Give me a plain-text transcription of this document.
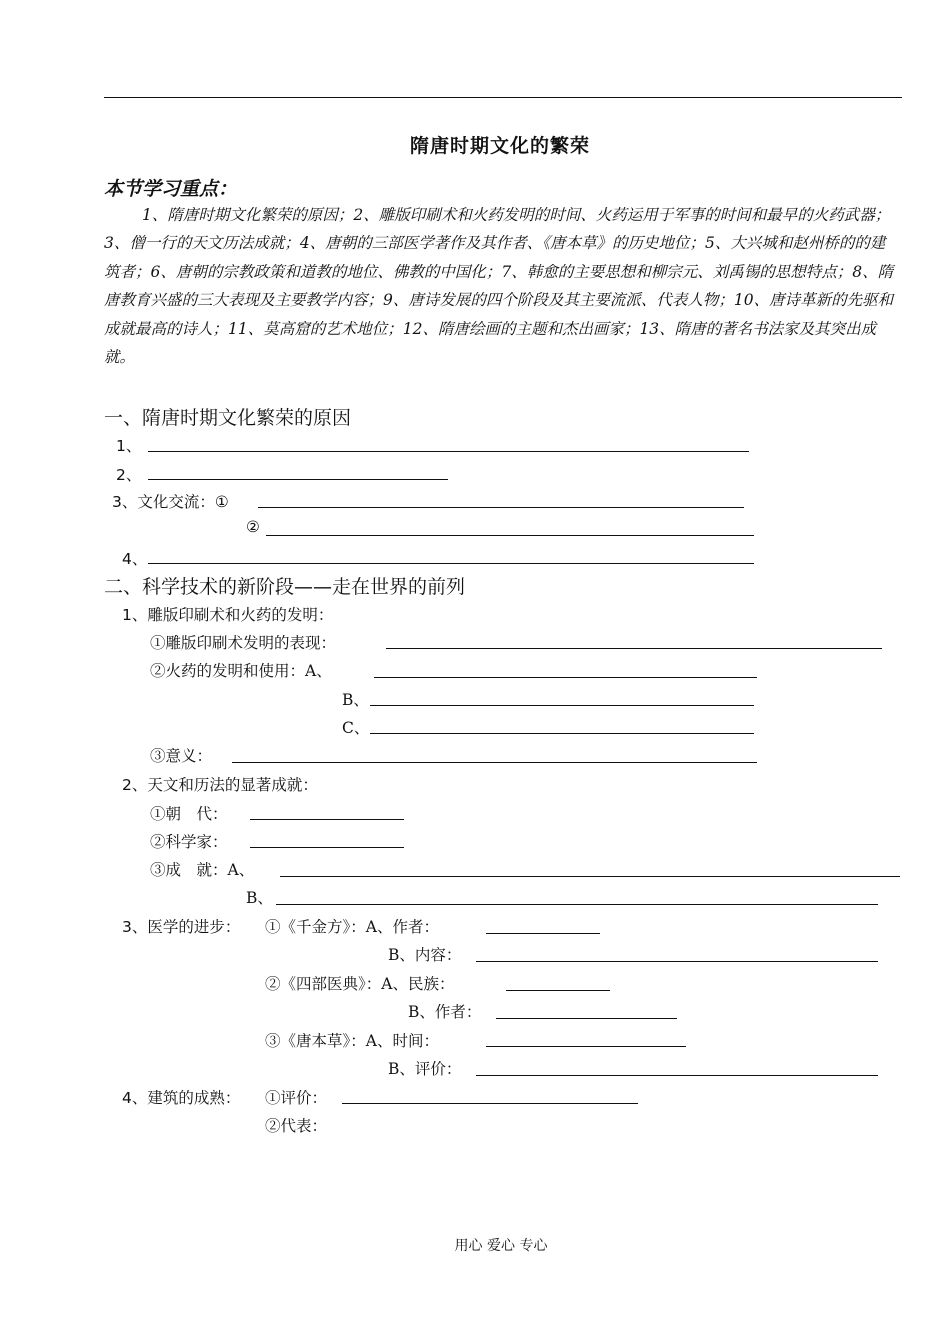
隋唐时期文化的繁荣
本节学习重点：
1、隋唐时期文化繁荣的原因；2、雕版印刷术和火药发明的时间、火药运用于军事的时间和最早的火药武器；3、僧一行的天文历法成就；4、唐朝的三部医学著作及其作者、《唐本草》的历史地位；5、大兴城和赵州桥的的建筑者；6、唐朝的宗教政策和道教的地位、佛教的中国化；7、韩愈的主要思想和柳宗元、刘禹锡的思想特点；8、隋唐教育兴盛的三大表现及主要教学内容；9、唐诗发展的四个阶段及其主要流派、代表人物；10、唐诗革新的先驱和成就最高的诗人；11、莫高窟的艺术地位；12、隋唐绘画的主题和杰出画家；13、隋唐的著名书法家及其突出成就。
一、隋唐时期文化繁荣的原因
1、
2、
3、文化交流：①
②
4、
二、科学技术的新阶段——走在世界的前列
1、雕版印刷术和火药的发明：
①雕版印刷术发明的表现：
②火药的发明和使用：A、
B、
C、
③意义：
2、天文和历法的显著成就：
①朝　代：
②科学家：
③成　就：A、
B、
3、医学的进步： ①《千金方》：A、作者：
B、内容：
②《四部医典》：A、民族：
B、作者：
③《唐本草》：A、时间：
B、评价：
4、建筑的成熟： ①评价：
②代表：
用心 爱心 专心
